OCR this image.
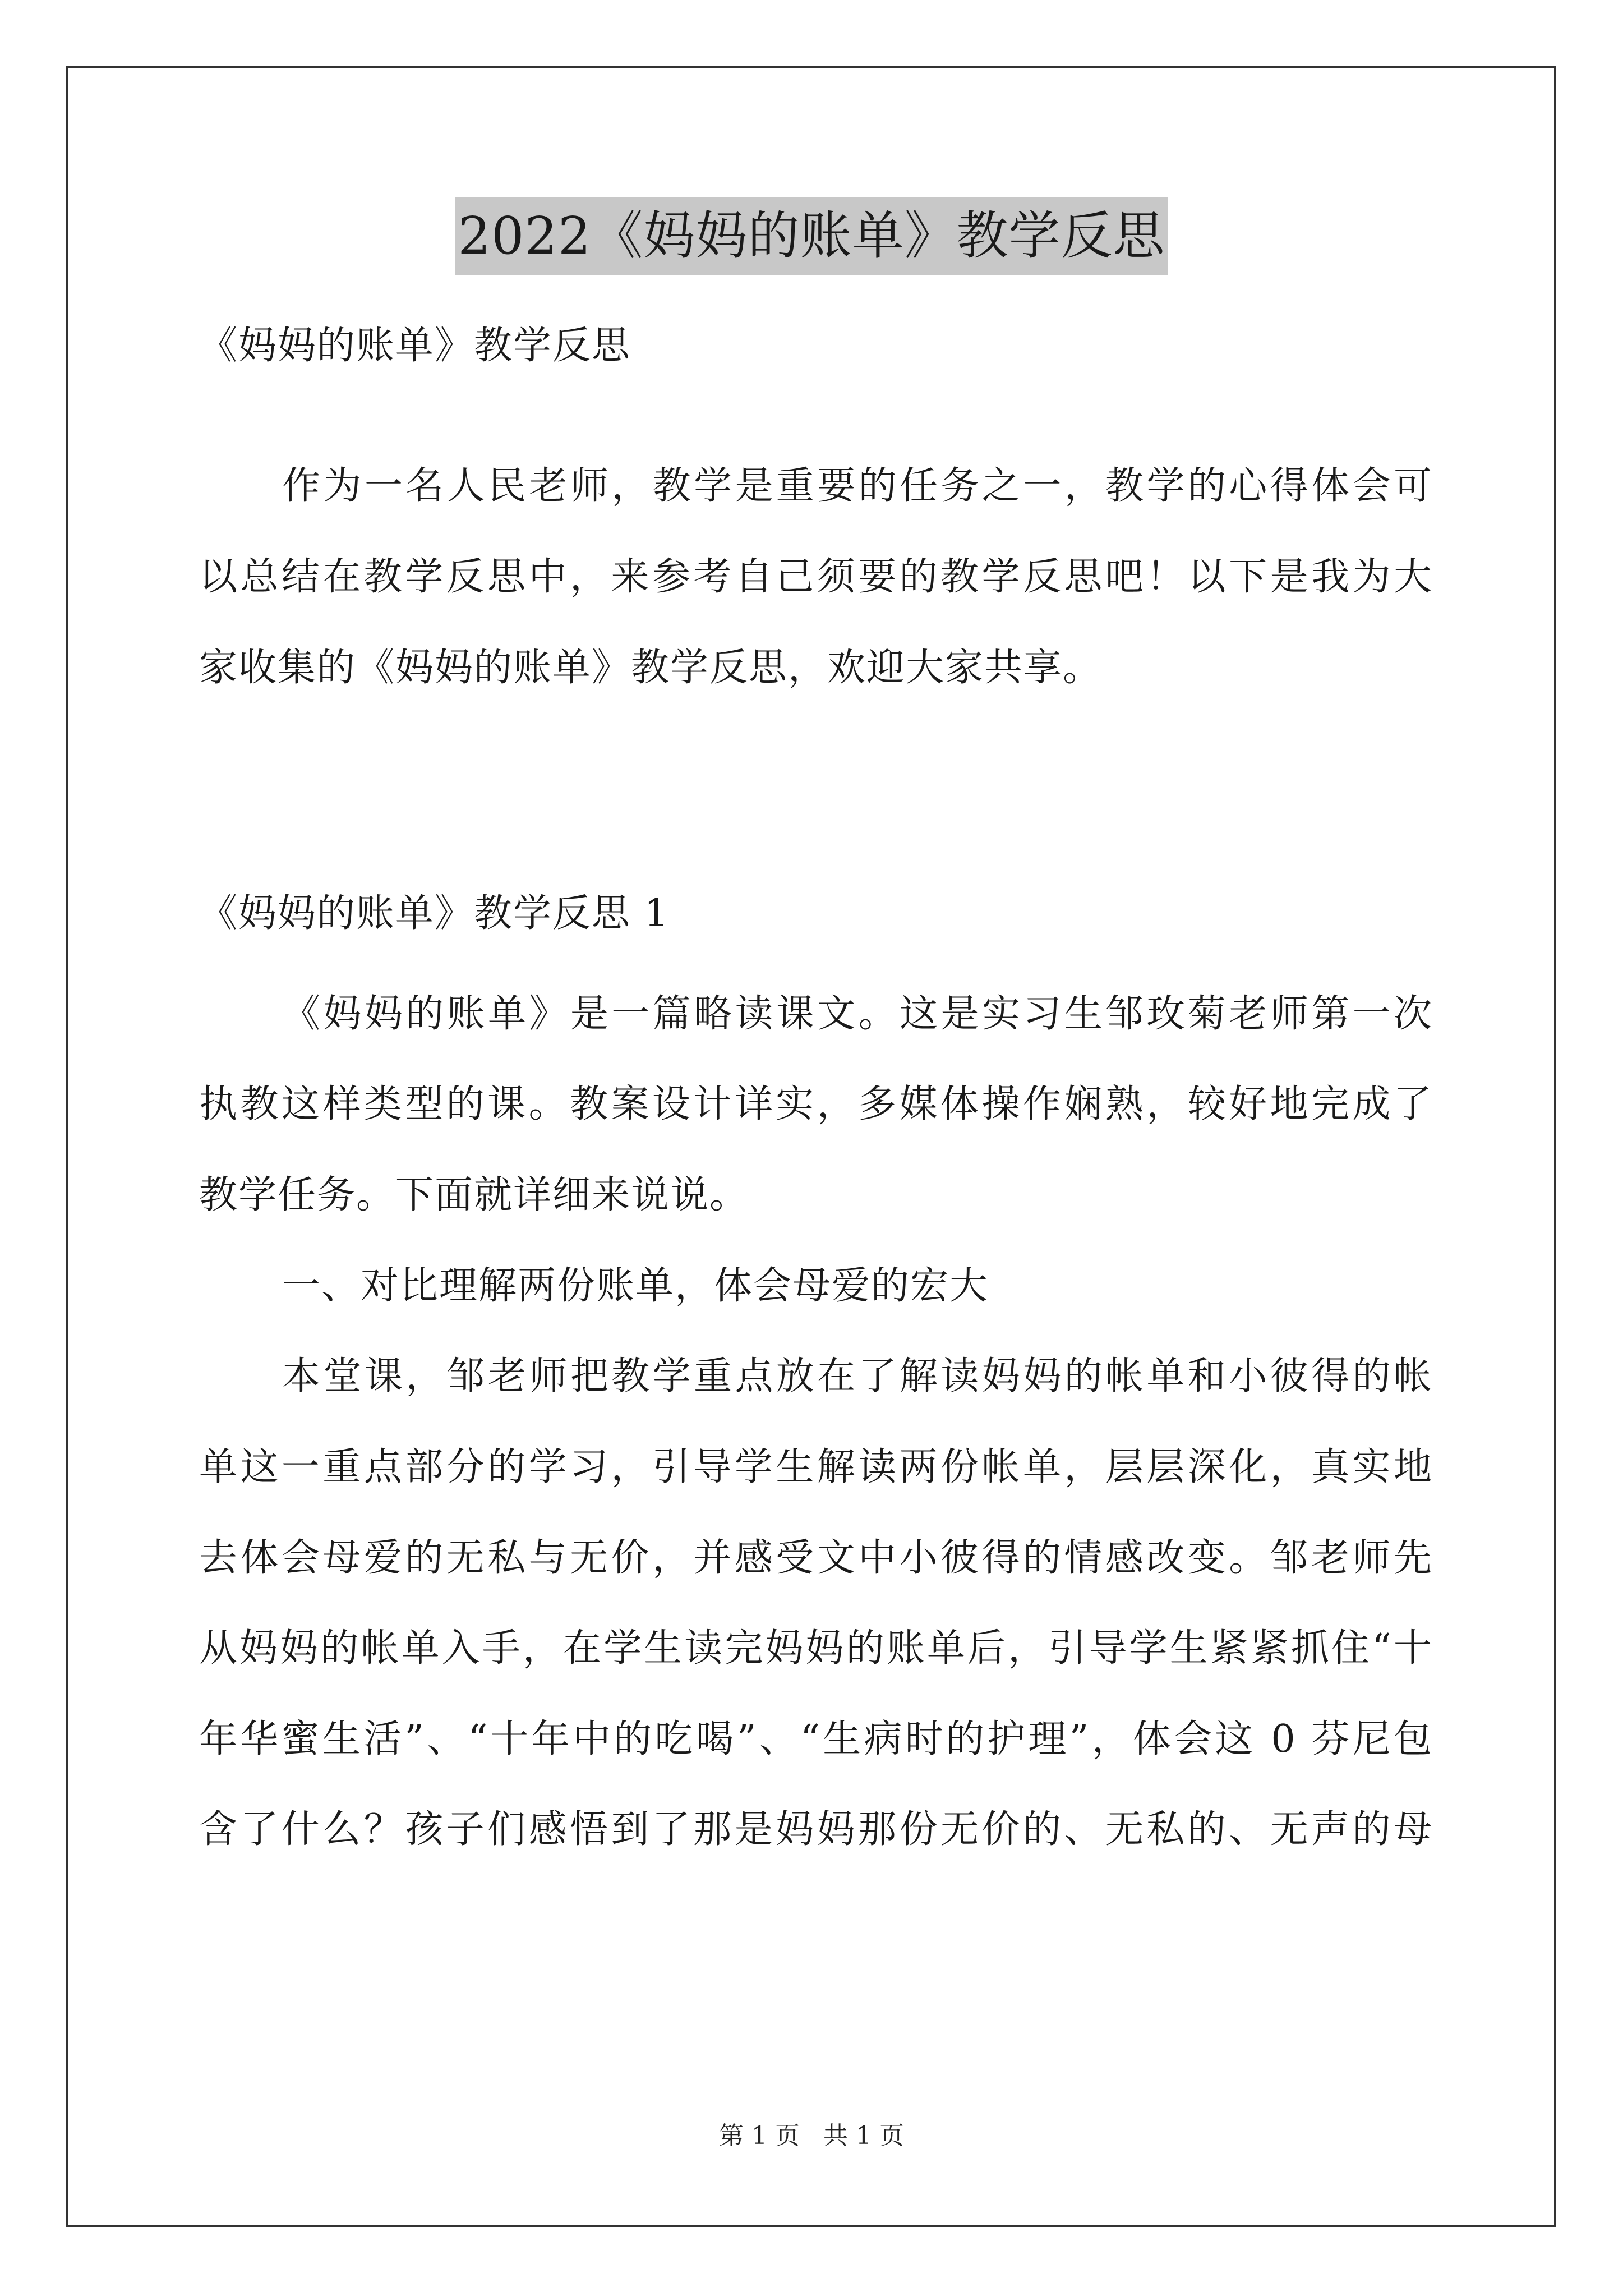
2022《妈妈的账单》教学反思
《妈妈的账单》教学反思
作为一名人民老师，教学是重要的任务之一，教学的心得体会可
以总结在教学反思中，来参考自己须要的教学反思吧！以下是我为大
家收集的《妈妈的账单》教学反思，欢迎大家共享。
《妈妈的账单》教学反思 1
《妈妈的账单》是一篇略读课文。这是实习生邹玫菊老师第一次
执教这样类型的课。教案设计详实，多媒体操作娴熟，较好地完成了
教学任务。下面就详细来说说。
一、对比理解两份账单，体会母爱的宏大
本堂课，邹老师把教学重点放在了解读妈妈的帐单和小彼得的帐
单这一重点部分的学习，引导学生解读两份帐单，层层深化，真实地
去体会母爱的无私与无价，并感受文中小彼得的情感改变。邹老师先
从妈妈的帐单入手，在学生读完妈妈的账单后，引导学生紧紧抓住“十
年华蜜生活”、“十年中的吃喝”、“生病时的护理”，体会这 0 芬尼包
含了什么？孩子们感悟到了那是妈妈那份无价的、无私的、无声的母
第 1 页 共 1 页
